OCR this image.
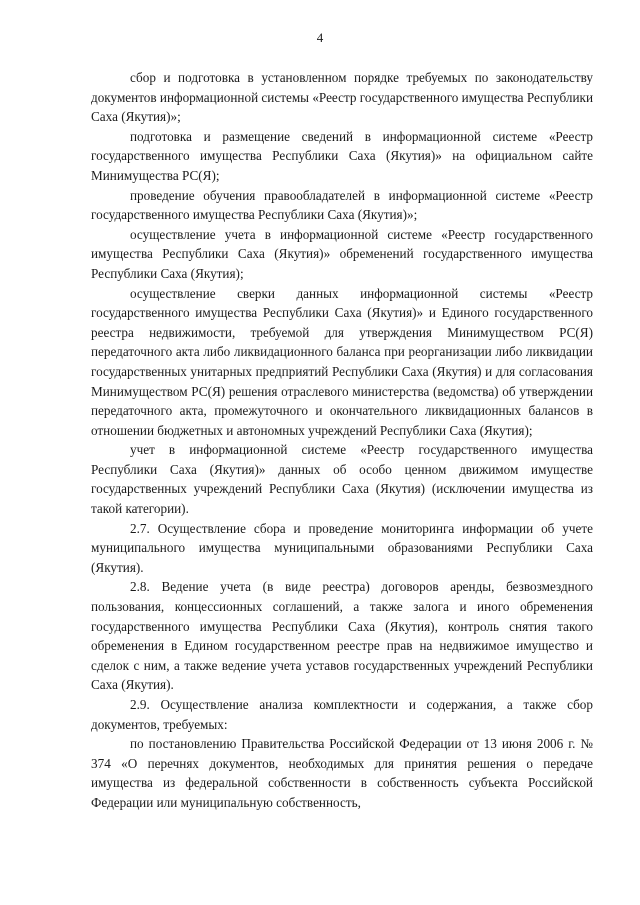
4

сбор и подготовка в установленном порядке требуемых по законодательству документов информационной системы «Реестр государственного имущества Республики Саха (Якутия)»;

подготовка и размещение сведений в информационной системе «Реестр государственного имущества Республики Саха (Якутия)» на официальном сайте Минимущества РС(Я);

проведение обучения правообладателей в информационной системе «Реестр государственного имущества Республики Саха (Якутия)»;

осуществление учета в информационной системе «Реестр государственного имущества Республики Саха (Якутия)» обременений государственного имущества Республики Саха (Якутия);

осуществление сверки данных информационной системы «Реестр государственного имущества Республики Саха (Якутия)» и Единого государственного реестра недвижимости, требуемой для утверждения Минимуществом РС(Я) передаточного акта либо ликвидационного баланса при реорганизации либо ликвидации государственных унитарных предприятий Республики Саха (Якутия) и для согласования Минимуществом РС(Я) решения отраслевого министерства (ведомства) об утверждении передаточного акта, промежуточного и окончательного ликвидационных балансов в отношении бюджетных и автономных учреждений Республики Саха (Якутия);

учет в информационной системе «Реестр государственного имущества Республики Саха (Якутия)» данных об особо ценном движимом имуществе государственных учреждений Республики Саха (Якутия) (исключении имущества из такой категории).

2.7. Осуществление сбора и проведение мониторинга информации об учете муниципального имущества муниципальными образованиями Республики Саха (Якутия).

2.8. Ведение учета (в виде реестра) договоров аренды, безвозмездного пользования, концессионных соглашений, а также залога и иного обременения государственного имущества Республики Саха (Якутия), контроль снятия такого обременения в Едином государственном реестре прав на недвижимое имущество и сделок с ним, а также ведение учета уставов государственных учреждений Республики Саха (Якутия).

2.9. Осуществление анализа комплектности и содержания, а также сбор документов, требуемых:

по постановлению Правительства Российской Федерации от 13 июня 2006 г. № 374 «О перечнях документов, необходимых для принятия решения о передаче имущества из федеральной собственности в собственность субъекта Российской Федерации или муниципальную собственность,
